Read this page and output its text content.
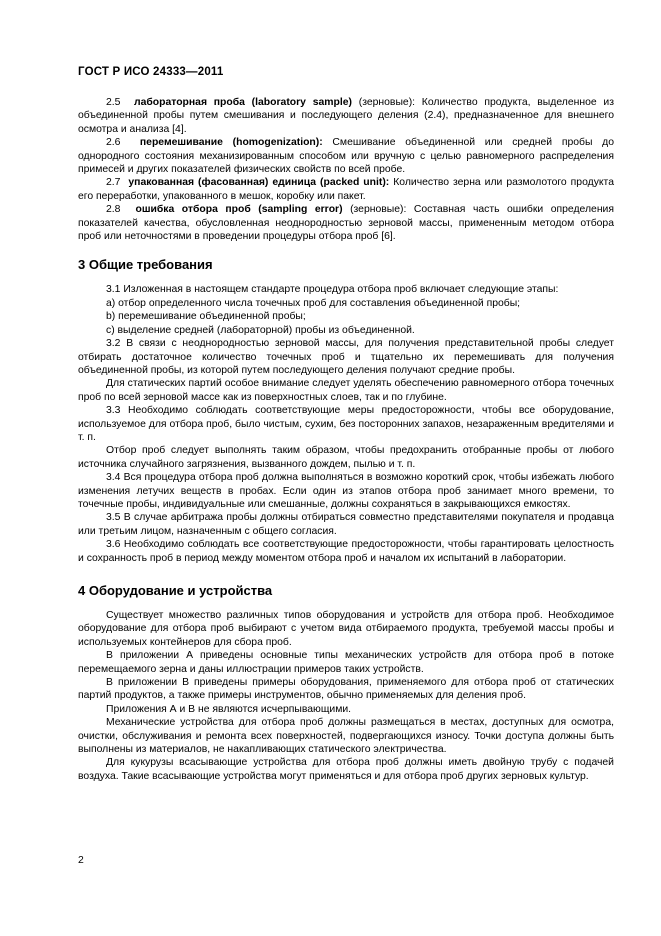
ГОСТ Р ИСО 24333—2011

2.5 лабораторная проба (laboratory sample) (зерновые): Количество продукта, выделенное из объединенной пробы путем смешивания и последующего деления (2.4), предназначенное для внешнего осмотра и анализа [4].

2.6 перемешивание (homogenization): Смешивание объединенной или средней пробы до однородного состояния механизированным способом или вручную с целью равномерного распределения примесей и других показателей физических свойств по всей пробе.

2.7 упакованная (фасованная) единица (packed unit): Количество зерна или размолотого продукта его переработки, упакованного в мешок, коробку или пакет.

2.8 ошибка отбора проб (sampling error) (зерновые): Составная часть ошибки определения показателей качества, обусловленная неоднородностью зерновой массы, примененным методом отбора проб или неточностями в проведении процедуры отбора проб [6].

3 Общие требования

3.1 Изложенная в настоящем стандарте процедура отбора проб включает следующие этапы:

a) отбор определенного числа точечных проб для составления объединенной пробы;

b) перемешивание объединенной пробы;

c) выделение средней (лабораторной) пробы из объединенной.

3.2 В связи с неоднородностью зерновой массы, для получения представительной пробы следует отбирать достаточное количество точечных проб и тщательно их перемешивать для получения объединенной пробы, из которой путем последующего деления получают средние пробы.

Для статических партий особое внимание следует уделять обеспечению равномерного отбора точечных проб по всей зерновой массе как из поверхностных слоев, так и по глубине.

3.3 Необходимо соблюдать соответствующие меры предосторожности, чтобы все оборудование, используемое для отбора проб, было чистым, сухим, без посторонних запахов, незараженным вредителями и т. п.

Отбор проб следует выполнять таким образом, чтобы предохранить отобранные пробы от любого источника случайного загрязнения, вызванного дождем, пылью и т. п.

3.4 Вся процедура отбора проб должна выполняться в возможно короткий срок, чтобы избежать любого изменения летучих веществ в пробах. Если один из этапов отбора проб занимает много времени, то точечные пробы, индивидуальные или смешанные, должны сохраняться в закрывающихся емкостях.

3.5 В случае арбитража пробы должны отбираться совместно представителями покупателя и продавца или третьим лицом, назначенным с общего согласия.

3.6 Необходимо соблюдать все соответствующие предосторожности, чтобы гарантировать целостность и сохранность проб в период между моментом отбора проб и началом их испытаний в лаборатории.

4 Оборудование и устройства

Существует множество различных типов оборудования и устройств для отбора проб. Необходимое оборудование для отбора проб выбирают с учетом вида отбираемого продукта, требуемой массы пробы и используемых контейнеров для сбора проб.

В приложении А приведены основные типы механических устройств для отбора проб в потоке перемещаемого зерна и даны иллюстрации примеров таких устройств.

В приложении В приведены примеры оборудования, применяемого для отбора проб от статических партий продуктов, а также примеры инструментов, обычно применяемых для деления проб.

Приложения А и В не являются исчерпывающими.

Механические устройства для отбора проб должны размещаться в местах, доступных для осмотра, очистки, обслуживания и ремонта всех поверхностей, подвергающихся износу. Точки доступа должны быть выполнены из материалов, не накапливающих статического электричества.

Для кукурузы всасывающие устройства для отбора проб должны иметь двойную трубу с подачей воздуха. Такие всасывающие устройства могут применяться и для отбора проб других зерновых культур.

2
